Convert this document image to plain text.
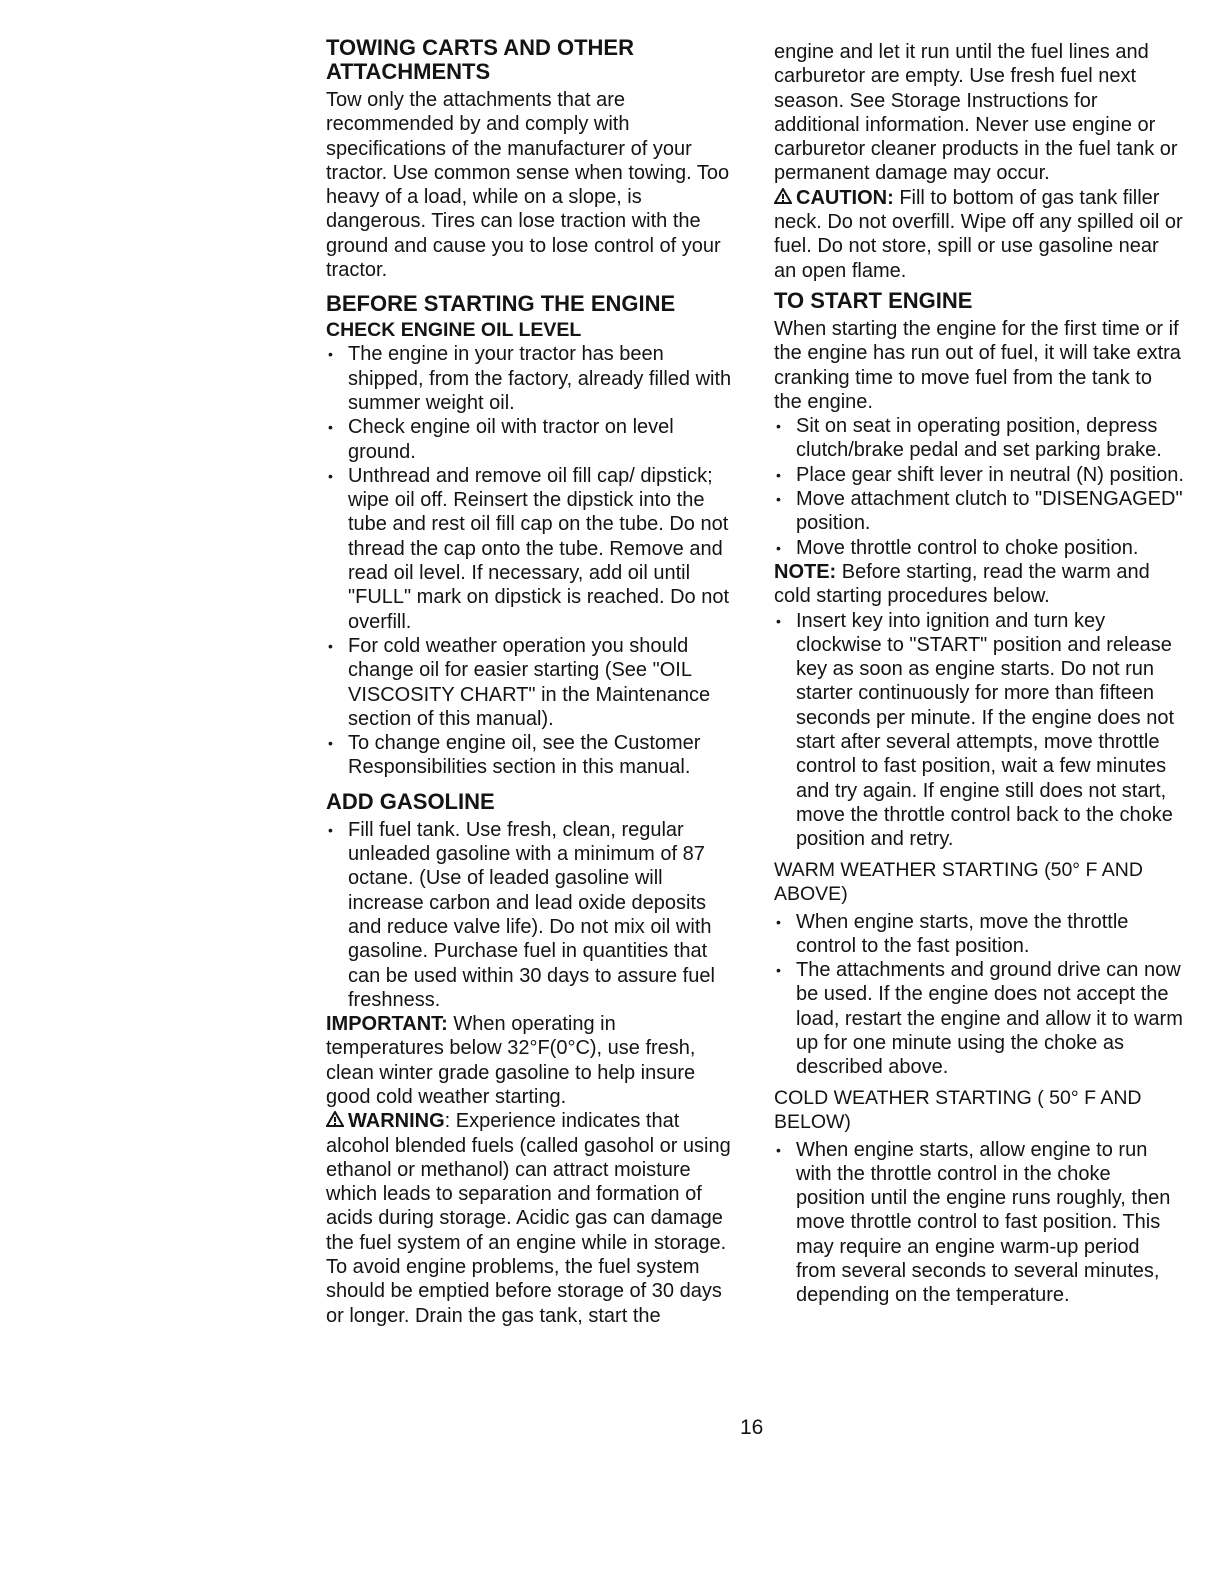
TOWING CARTS AND OTHER ATTACHMENTS

Tow only the attachments that are recommended by and comply with specifications of the manufacturer of your tractor. Use common sense when towing. Too heavy of a load, while on a slope, is dangerous. Tires can lose traction with the ground and cause you to lose control of your tractor.

BEFORE STARTING THE ENGINE
CHECK ENGINE OIL LEVEL
• The engine in your tractor has been shipped, from the factory, already filled with summer weight oil.
• Check engine oil with tractor on level ground.
• Unthread and remove oil fill cap/ dipstick; wipe oil off. Reinsert the dipstick into the tube and rest oil fill cap on the tube. Do not thread the cap onto the tube. Remove and read oil level. If necessary, add oil until "FULL" mark on dipstick is reached. Do not overfill.
• For cold weather operation you should change oil for easier starting (See "OIL VISCOSITY CHART" in the Maintenance section of this manual).
• To change engine oil, see the Customer Responsibilities section in this manual.
ADD GASOLINE
• Fill fuel tank. Use fresh, clean, regular unleaded gasoline with a minimum of 87 octane. (Use of leaded gasoline will increase carbon and lead oxide deposits and reduce valve life). Do not mix oil with gasoline. Purchase fuel in quantities that can be used within 30 days to assure fuel freshness.

IMPORTANT: When operating in temperatures below 32°F(0°C), use fresh, clean winter grade gasoline to help insure good cold weather starting.

WARNING: Experience indicates that alcohol blended fuels (called gasohol or using ethanol or methanol) can attract moisture which leads to separation and formation of acids during storage. Acidic gas can damage the fuel system of an engine while in storage. To avoid engine problems, the fuel system should be emptied before storage of 30 days or longer. Drain the gas tank, start the

engine and let it run until the fuel lines and carburetor are empty. Use fresh fuel next season. See Storage Instructions for additional information. Never use engine or carburetor cleaner products in the fuel tank or permanent damage may occur.

CAUTION: Fill to bottom of gas tank filler neck. Do not overfill. Wipe off any spilled oil or fuel. Do not store, spill or use gasoline near an open flame.

TO START ENGINE

When starting the engine for the first time or if the engine has run out of fuel, it will take extra cranking time to move fuel from the tank to the engine.

• Sit on seat in operating position, depress clutch/brake pedal and set parking brake.
• Place gear shift lever in neutral (N) position.
• Move attachment clutch to "DISENGAGED" position.
• Move throttle control to choke position.

NOTE: Before starting, read the warm and cold starting procedures below.

• Insert key into ignition and turn key clockwise to "START" position and release key as soon as engine starts. Do not run starter continuously for more than fifteen seconds per minute. If the engine does not start after several attempts, move throttle control to fast position, wait a few minutes and try again. If engine still does not start, move the throttle control back to the choke position and retry.
WARM WEATHER STARTING (50° F AND ABOVE)
• When engine starts, move the throttle control to the fast position.
• The attachments and ground drive can now be used. If the engine does not accept the load, restart the engine and allow it to warm up for one minute using the choke as described above.
COLD WEATHER STARTING ( 50° F AND BELOW)
• When engine starts, allow engine to run with the throttle control in the choke position until the engine runs roughly, then move throttle control to fast position. This may require an engine warm-up period from several seconds to several minutes, depending on the temperature.
16
